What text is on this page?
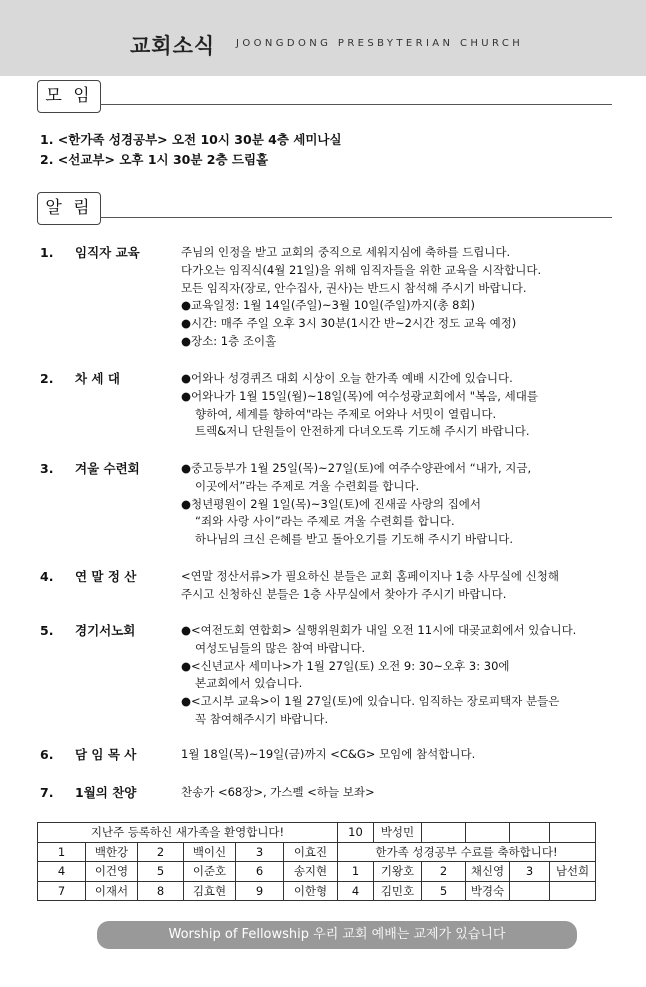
교회소식 JOONGDONG PRESBYTERIAN CHURCH
모 임
1. <한가족 성경공부> 오전 10시 30분 4층 세미나실
2. <선교부> 오후 1시 30분 2층 드림홀
알 림
1. 임직자 교육	주님의 인정을 받고 교회의 중직으로 세워지심에 축하를 드립니다.
다가오는 임직식(4월 21일)을 위해 임직자들을 위한 교육을 시작합니다.
모든 임직자(장로, 안수집사, 권사)는 반드시 참석해 주시기 바랍니다.
●교육일정: 1월 14일(주일)~3월 10일(주일)까지(총 8회)
●시간: 매주 주일 오후 3시 30분(1시간 반~2시간 정도 교육 예정)
●장소: 1층 조이홀
2. 차 세 대	●어와나 성경퀴즈 대회 시상이 오늘 한가족 예배 시간에 있습니다.
●어와나가 1월 15일(월)~18일(목)에 여수성광교회에서 "복음, 세대를
향하여, 세계를 향하여"라는 주제로 어와나 서밋이 열립니다.
트렉&저니 단원들이 안전하게 다녀오도록 기도해 주시기 바랍니다.
3. 겨울 수련회	●중고등부가 1월 25일(목)~27일(토)에 여주수양관에서 “내가, 지금,
이곳에서”라는 주제로 겨울 수련회를 합니다.
●청년평원이 2월 1일(목)~3일(토)에 진새골 사랑의 집에서
“죄와 사랑 사이”라는 주제로 겨울 수련회를 합니다.
하나님의 크신 은혜를 받고 돌아오기를 기도해 주시기 바랍니다.
4. 연 말 정 산	<연말 정산서류>가 필요하신 분들은 교회 홈페이지나 1층 사무실에 신청해
주시고 신청하신 분들은 1층 사무실에서 찾아가 주시기 바랍니다.
5. 경기서노회	●<여전도회 연합회> 실행위원회가 내일 오전 11시에 대곶교회에서 있습니다.
여성도님들의 많은 참여 바랍니다.
●<신년교사 세미나>가 1월 27일(토) 오전 9: 30~오후 3: 30에
본교회에서 있습니다.
●<고시부 교육>이 1월 27일(토)에 있습니다. 임직하는 장로피택자 분들은
꼭 참여해주시기 바랍니다.
6. 담 임 목 사	1월 18일(목)~19일(금)까지 <C&G> 모임에 참석합니다.
7. 1월의 찬양	찬송가 <68장>, 가스펠 <하늘 보좌>
지난주 등록하신 새가족을 환영합니다!						10	박성민				
1	백한강	2	백이신	3	이효진	한가족 성경공부 수료를 축하합니다!					
4	이건영	5	이준호	6	송지현	1	기왕호	2	채신영	3	남선희
7	이재서	8	김효현	9	이한형	4	김민호	5	박경숙		
Worship of Fellowship 우리 교회 예배는 교제가 있습니다
